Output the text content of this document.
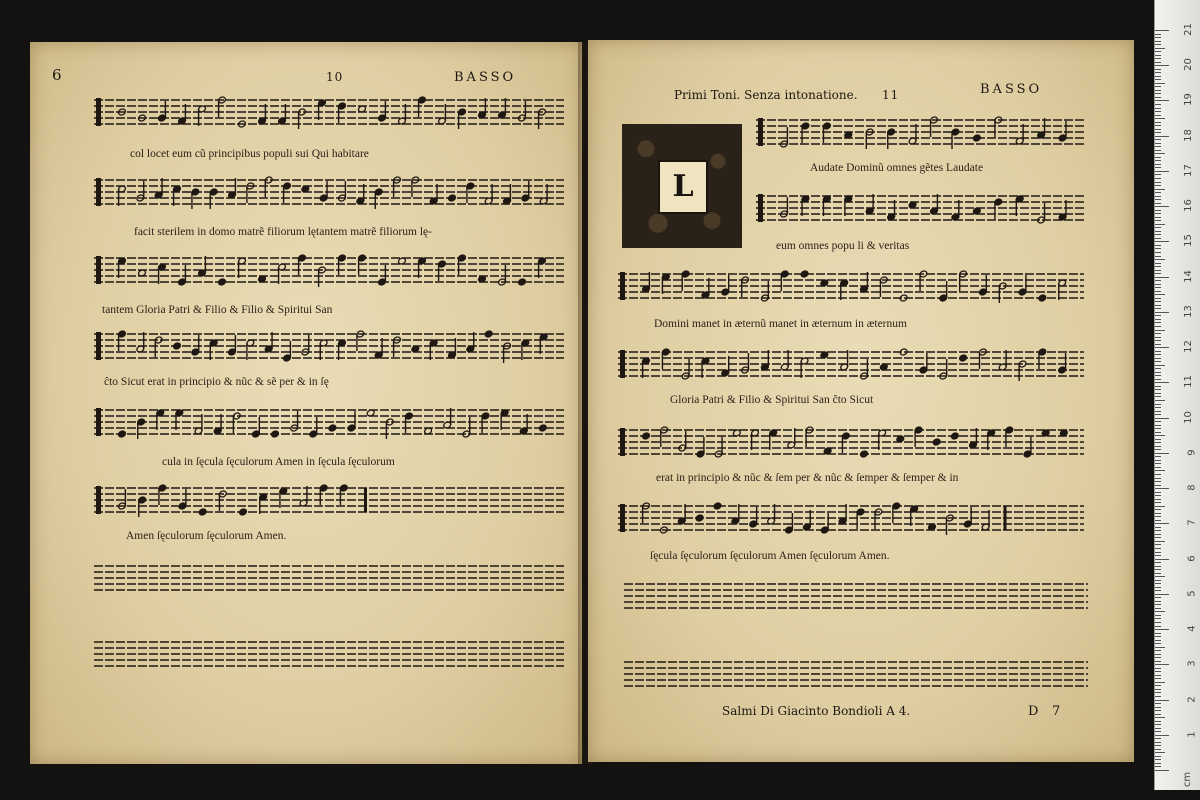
6	10	BASSO
col locet eum cũ principibus populi sui Qui habitare
facit sterilem in domo matrẽ filiorum lętantem matrẽ filiorum lę-
tantem Gloria Patri & Filio & Filio & Spiritui San
ĉto Sicut erat in principio & nũc & sẽ per & in ſę
cula in ſęcula ſęculorum Amen in ſęcula ſęculorum
Amen ſęculorum ſęculorum Amen.
Primi Toni. Senza intonatione. 11	BASSO
L
Audate Dominũ omnes gẽtes Laudate
eum omnes popu li & veritas
Domini manet in æternũ manet in æternum in æternum
Gloria Patri & Filio & Spiritui San ĉto Sicut
erat in principio & nũc & ſem per & nũc & ſemper & ſemper & in
ſęcula ſęculorum ſęculorum Amen ſęculorum Amen.
Salmi Di Giacinto Bondioli A 4.	D 7
1
2
3
4
5
6
7
8
9
10
11
12
13
14
15
16
17
18
19
20
21
cm
